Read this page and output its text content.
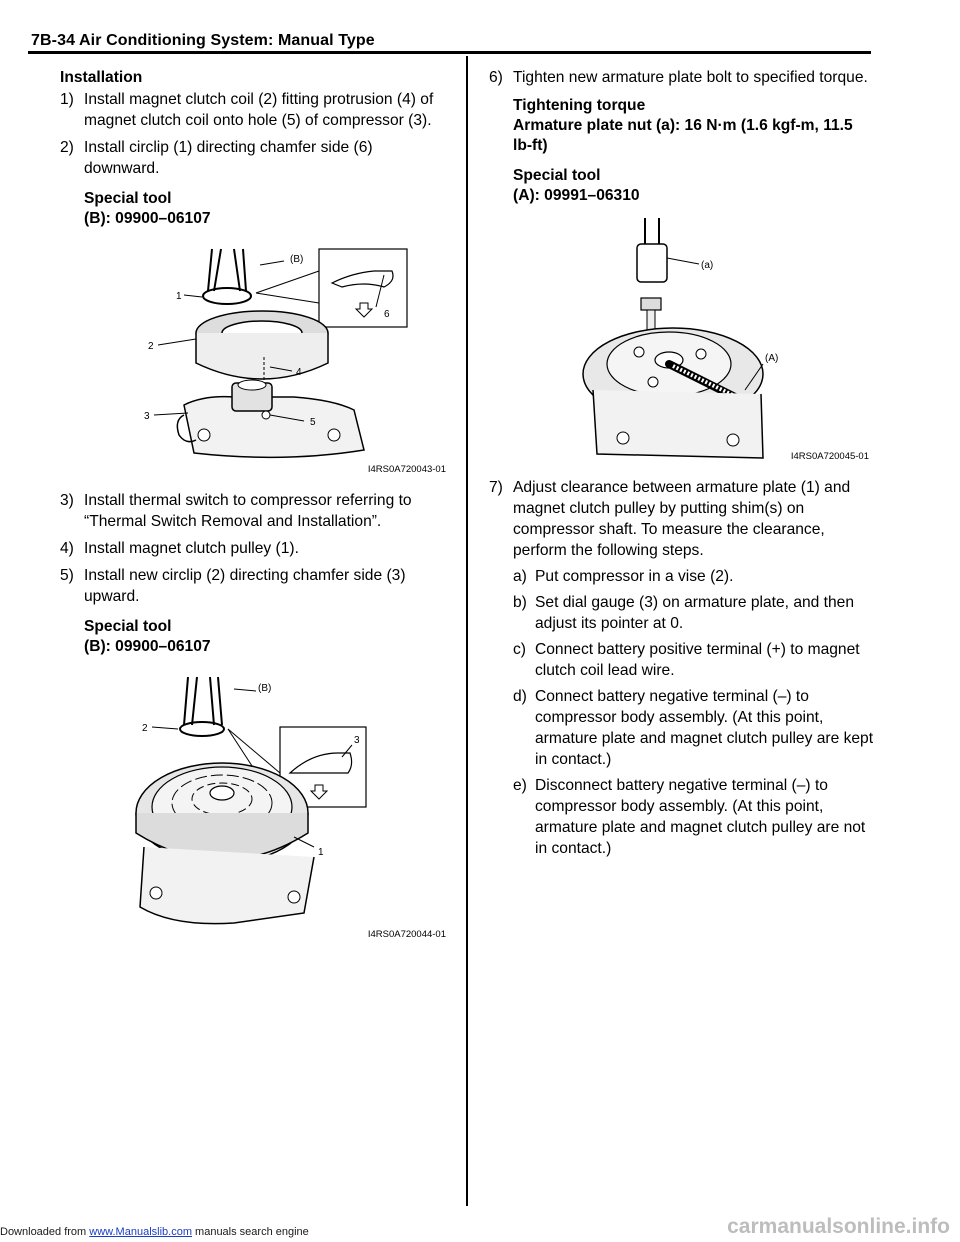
7B-34 Air Conditioning System: Manual Type
Installation
1) Install magnet clutch coil (2) fitting protrusion (4) of magnet clutch coil onto hole (5) of compressor (3).
2) Install circlip (1) directing chamfer side (6) downward.
Special tool
(B): 09900–06107
(B)
1
6
2
4
3
5
I4RS0A720043-01
3) Install thermal switch to compressor referring to “Thermal Switch Removal and Installation”.
4) Install magnet clutch pulley (1).
5) Install new circlip (2) directing chamfer side (3) upward.
Special tool
(B): 09900–06107
(B)
2
3
1
I4RS0A720044-01
6) Tighten new armature plate bolt to specified torque.
Tightening torque
Armature plate nut (a): 16 N·m (1.6 kgf-m, 11.5 lb-ft)
Special tool
(A): 09991–06310
(a)
(A)
I4RS0A720045-01
7) Adjust clearance between armature plate (1) and magnet clutch pulley by putting shim(s) on compressor shaft. To measure the clearance, perform the following steps.
a) Put compressor in a vise (2).
b) Set dial gauge (3) on armature plate, and then adjust its pointer at 0.
c) Connect battery positive terminal (+) to magnet clutch coil lead wire.
d) Connect battery negative terminal (–) to compressor body assembly. (At this point, armature plate and magnet clutch pulley are kept in contact.)
e) Disconnect battery negative terminal (–) to compressor body assembly. (At this point, armature plate and magnet clutch pulley are not in contact.)
Downloaded from www.Manualslib.com manuals search engine	carmanualsonline.info
